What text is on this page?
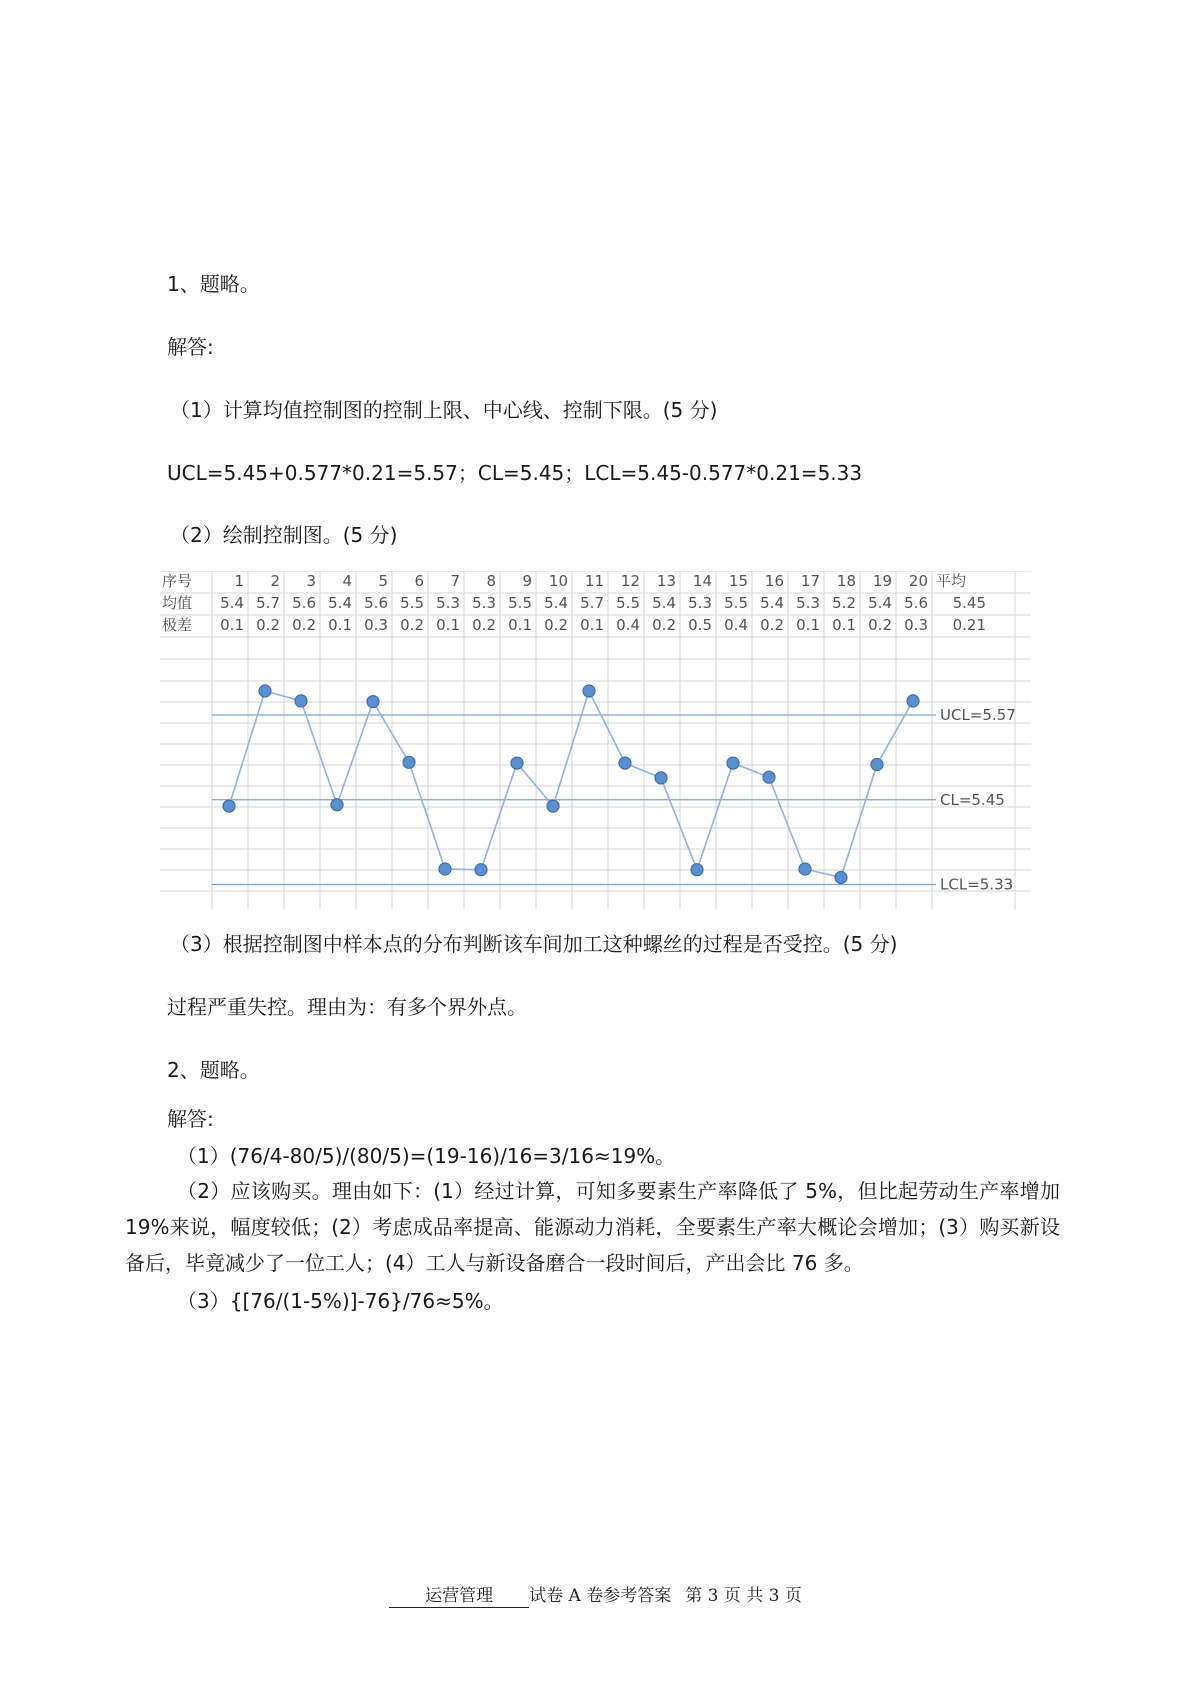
1、题略。
解答:
（1）计算均值控制图的控制上限、中心线、控制下限。(5 分)
UCL=5.45+0.577*0.21=5.57；CL=5.45；LCL=5.45-0.577*0.21=5.33
（2）绘制控制图。(5 分)
序号
均值
极差
1
5.4
0.1
2
5.7
0.2
3
5.6
0.2
4
5.4
0.1
5
5.6
0.3
6
5.5
0.2
7
5.3
0.1
8
5.3
0.2
9
5.5
0.1
10
5.4
0.2
11
5.7
0.1
12
5.5
0.4
13
5.4
0.2
14
5.3
0.5
15
5.5
0.4
16
5.4
0.2
17
5.3
0.1
18
5.2
0.1
19
5.4
0.2
20
5.6
0.3
平均
5.45
0.21
UCL=5.57
CL=5.45
LCL=5.33
（3）根据控制图中样本点的分布判断该车间加工这种螺丝的过程是否受控。(5 分)
过程严重失控。理由为：有多个界外点。
2、题略。
解答:
（1）(76/4-80/5)/(80/5)=(19-16)/16=3/16≈19%。
（2）应该购买。理由如下：(1）经过计算，可知多要素生产率降低了 5%，但比起劳动生产率增加 19%来说，幅度较低；(2）考虑成品率提高、能源动力消耗，全要素生产率大概论会增加；(3）购买新设备后，毕竟减少了一位工人；(4）工人与新设备磨合一段时间后，产出会比 76 多。
（3）{[76/(1-5%)]-76}/76≈5%。
运营管理 试卷 A 卷参考答案 第 3 页 共 3 页
